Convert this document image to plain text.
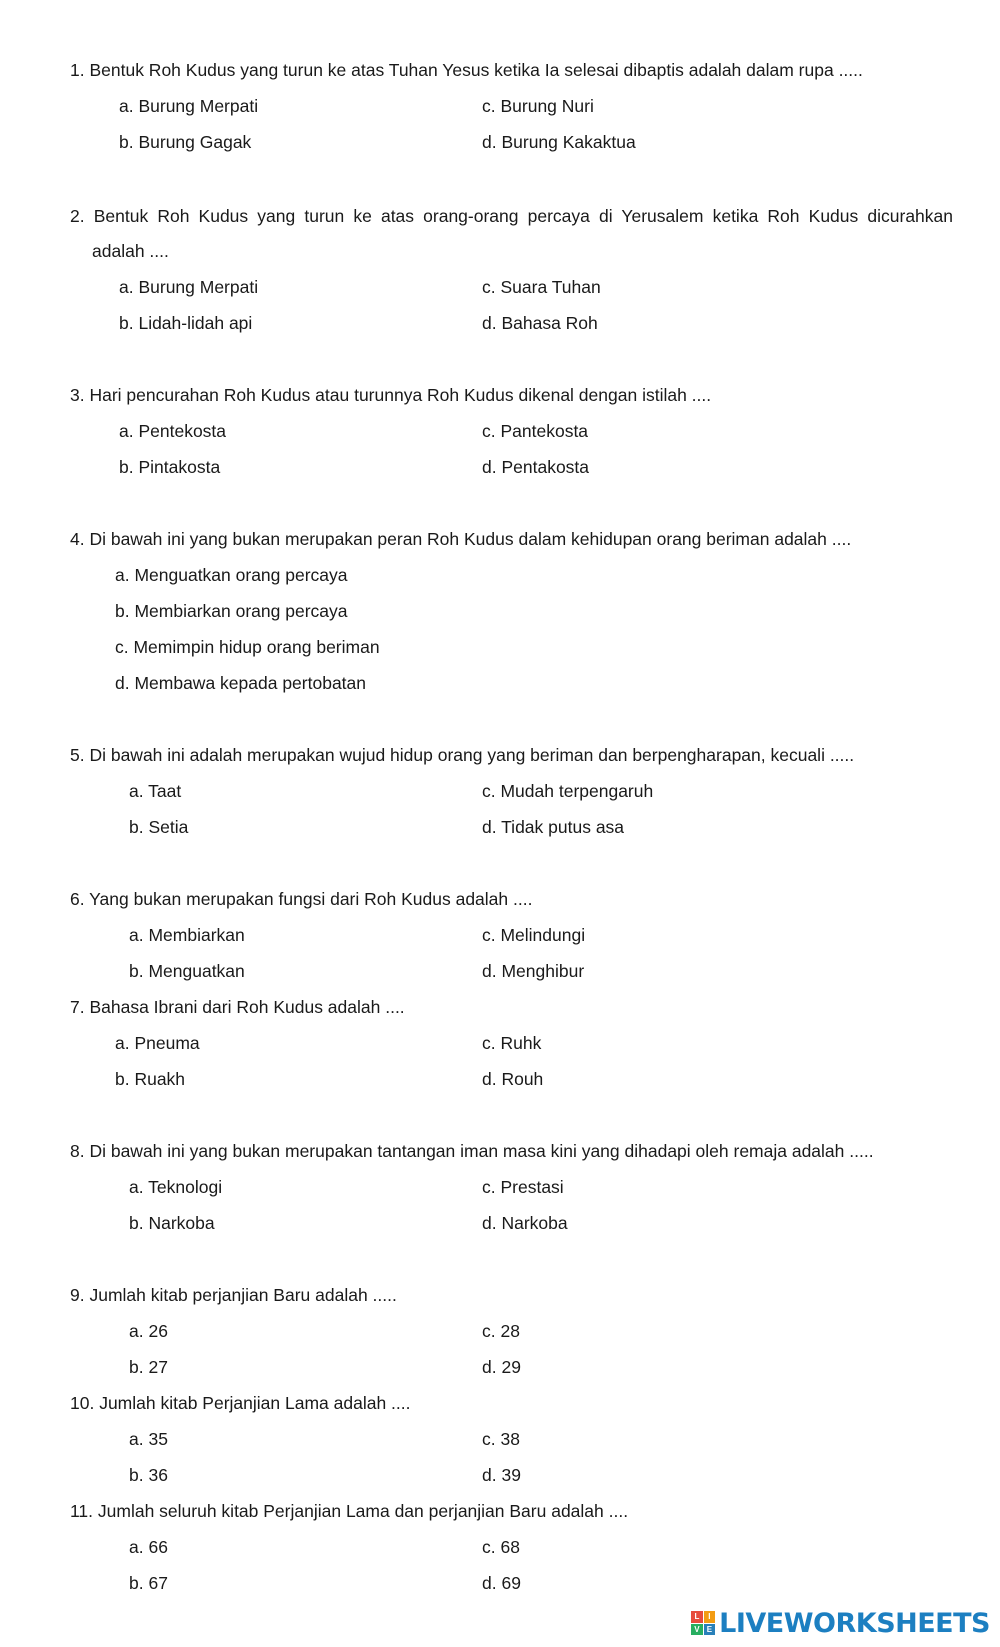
1. Bentuk Roh Kudus yang turun ke atas Tuhan Yesus ketika Ia selesai dibaptis adalah dalam rupa .....
a. Burung Merpati
b. Burung Gagak
c. Burung Nuri
d. Burung Kakaktua
2. Bentuk Roh Kudus yang turun ke atas orang-orang percaya di Yerusalem ketika Roh Kudus dicurahkan
adalah ....
a. Burung Merpati
b. Lidah-lidah api
c. Suara Tuhan
d. Bahasa Roh
3. Hari pencurahan Roh Kudus atau turunnya Roh Kudus dikenal dengan istilah ....
a. Pentekosta
b. Pintakosta
c. Pantekosta
d. Pentakosta
4. Di bawah ini yang bukan merupakan peran Roh Kudus dalam kehidupan orang beriman adalah ....
a. Menguatkan orang percaya
b. Membiarkan orang percaya
c. Memimpin hidup orang beriman
d. Membawa kepada pertobatan
5. Di bawah ini adalah merupakan wujud hidup orang yang beriman dan berpengharapan, kecuali .....
a. Taat
b. Setia
c. Mudah terpengaruh
d. Tidak putus asa
6. Yang bukan merupakan fungsi dari Roh Kudus adalah ....
a. Membiarkan
b. Menguatkan
c. Melindungi
d. Menghibur
7. Bahasa Ibrani dari Roh Kudus adalah ....
a. Pneuma
b. Ruakh
c. Ruhk
d. Rouh
8. Di bawah ini yang bukan merupakan tantangan iman masa kini yang dihadapi oleh remaja adalah .....
a. Teknologi
b. Narkoba
c. Prestasi
d. Narkoba
9. Jumlah kitab perjanjian Baru adalah .....
a. 26
b. 27
c. 28
d. 29
10. Jumlah kitab Perjanjian Lama adalah ....
a. 35
b. 36
c. 38
d. 39
11. Jumlah seluruh kitab Perjanjian Lama dan perjanjian Baru adalah ....
a. 66
b. 67
c. 68
d. 69
L	I
V E LIVEWORKSHEETS
